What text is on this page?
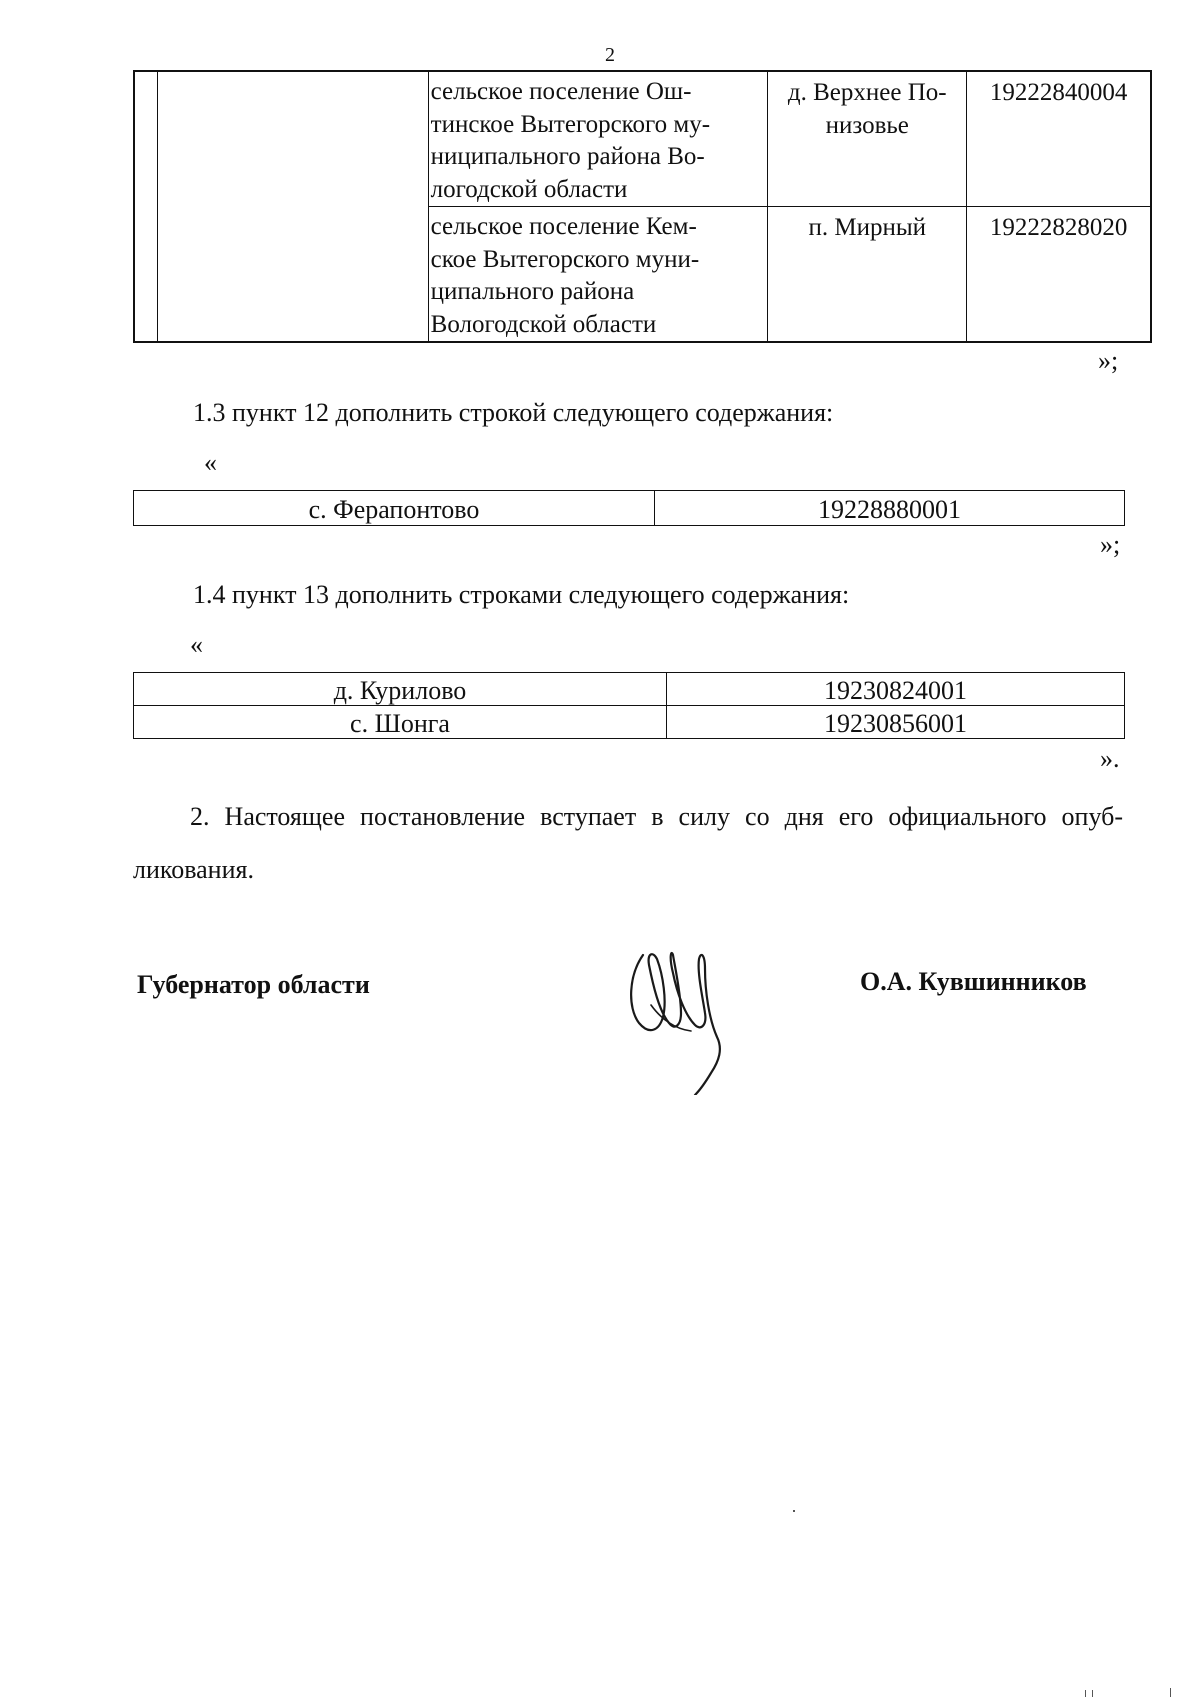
2

		сельское поселение Ош-
тинское Вытегорского му-
ниципального района Во-
логодской области	д. Верхнее По-
низовье	19222840004

		сельское поселение Кем-
ское Вытегорского муни-
ципального района
Вологодской области	п. Мирный	19222828020
»;
1.3 пункт 12 дополнить строкой следующего содержания:
«
с. Ферапонтово	19228880001
»;
1.4 пункт 13 дополнить строками следующего содержания:
«
д. Курилово	19230824001
с. Шонга	19230856001
».
2. Настоящее постановление вступает в силу со дня его официального опуб-ликования.
Губернатор области	О.А. Кувшинников
